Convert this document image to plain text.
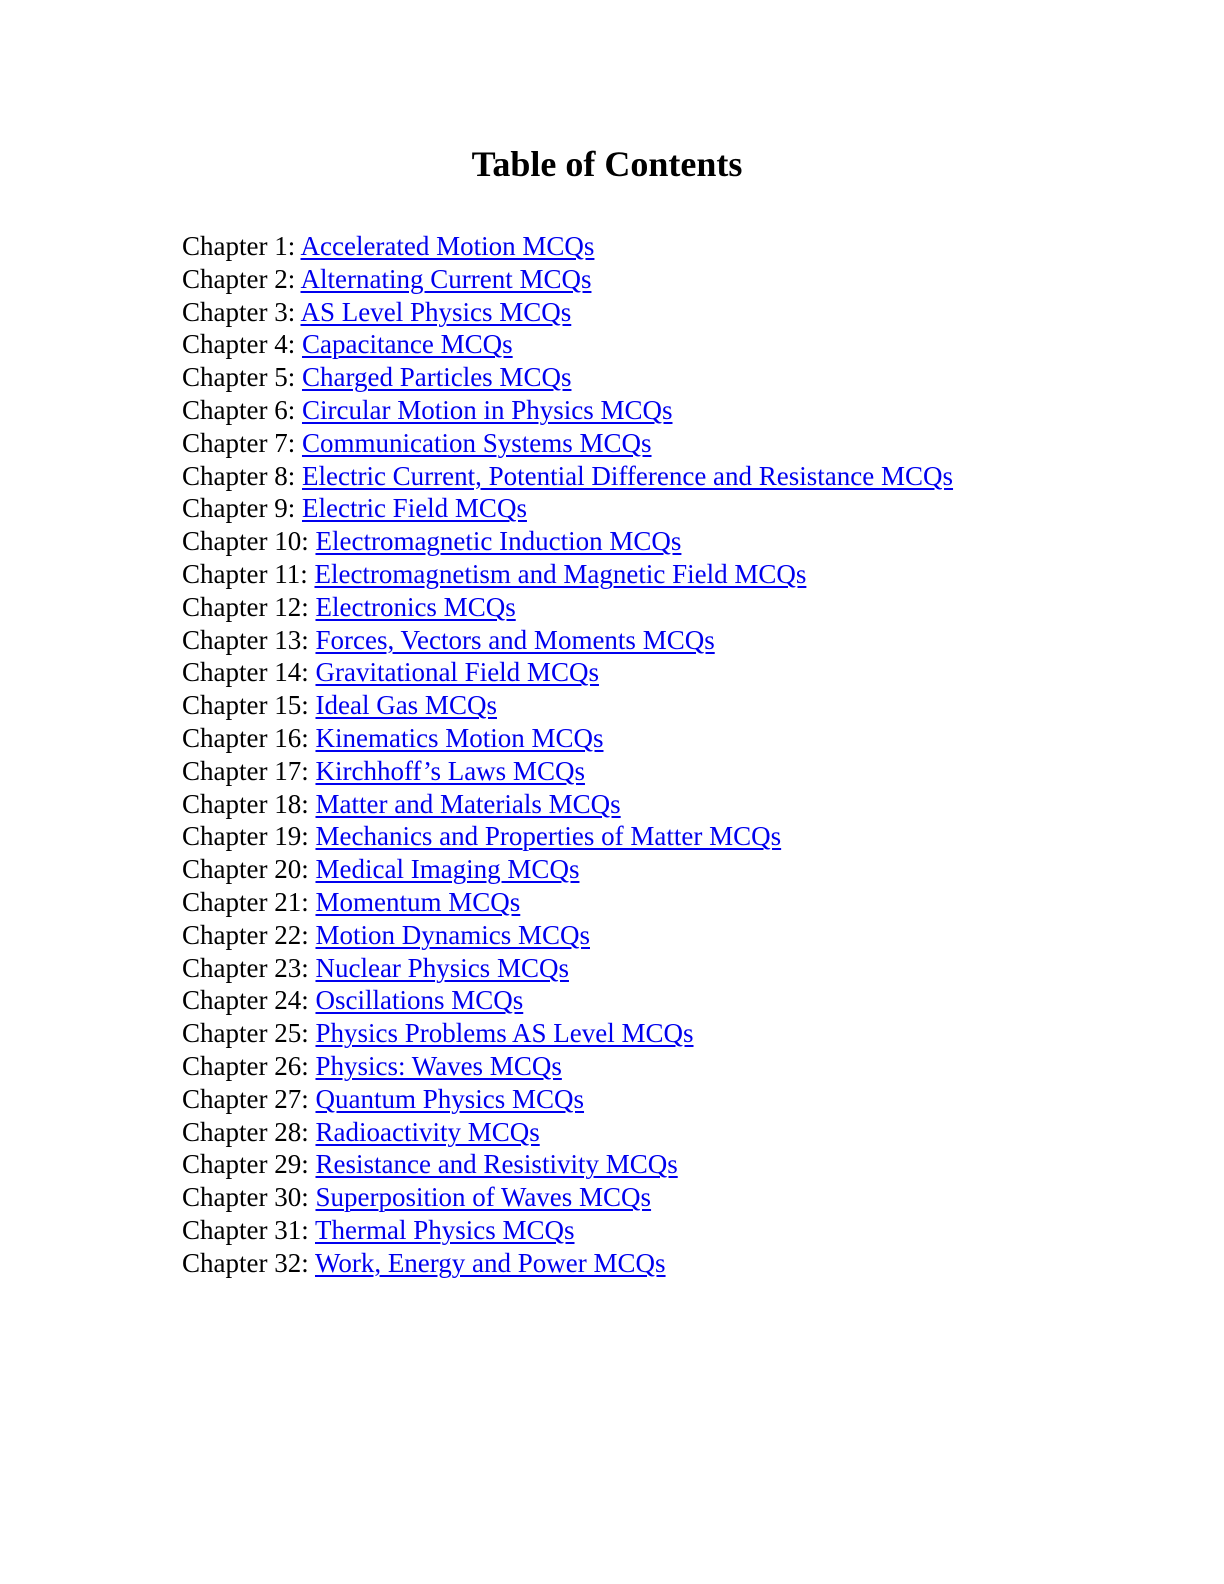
Table of Contents
Chapter 1: Accelerated Motion MCQs
Chapter 2: Alternating Current MCQs
Chapter 3: AS Level Physics MCQs
Chapter 4: Capacitance MCQs
Chapter 5: Charged Particles MCQs
Chapter 6: Circular Motion in Physics MCQs
Chapter 7: Communication Systems MCQs
Chapter 8: Electric Current, Potential Difference and Resistance MCQs
Chapter 9: Electric Field MCQs
Chapter 10: Electromagnetic Induction MCQs
Chapter 11: Electromagnetism and Magnetic Field MCQs
Chapter 12: Electronics MCQs
Chapter 13: Forces, Vectors and Moments MCQs
Chapter 14: Gravitational Field MCQs
Chapter 15: Ideal Gas MCQs
Chapter 16: Kinematics Motion MCQs
Chapter 17: Kirchhoff’s Laws MCQs
Chapter 18: Matter and Materials MCQs
Chapter 19: Mechanics and Properties of Matter MCQs
Chapter 20: Medical Imaging MCQs
Chapter 21: Momentum MCQs
Chapter 22: Motion Dynamics MCQs
Chapter 23: Nuclear Physics MCQs
Chapter 24: Oscillations MCQs
Chapter 25: Physics Problems AS Level MCQs
Chapter 26: Physics: Waves MCQs
Chapter 27: Quantum Physics MCQs
Chapter 28: Radioactivity MCQs
Chapter 29: Resistance and Resistivity MCQs
Chapter 30: Superposition of Waves MCQs
Chapter 31: Thermal Physics MCQs
Chapter 32: Work, Energy and Power MCQs
